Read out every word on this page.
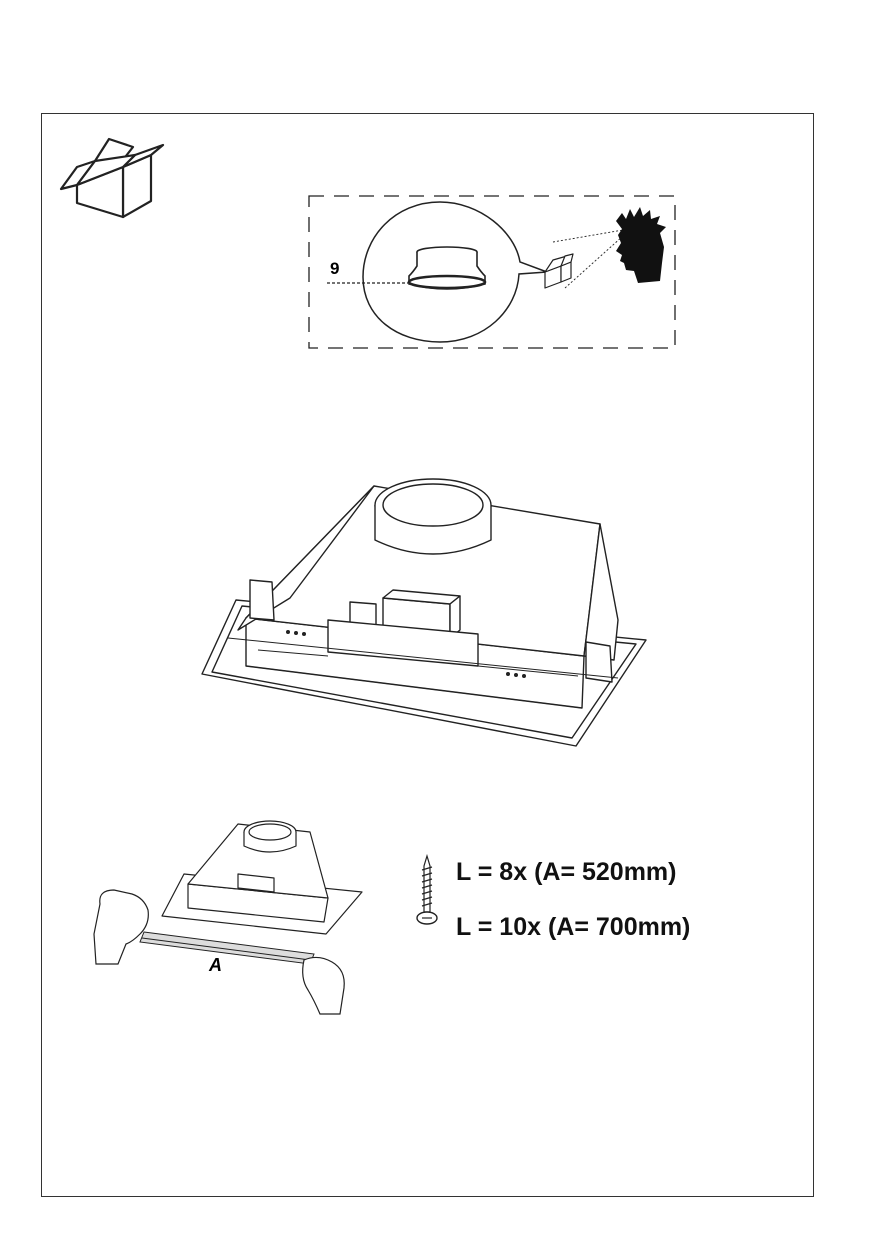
9
A
L = 8x (A= 520mm)
L = 10x (A= 700mm)
